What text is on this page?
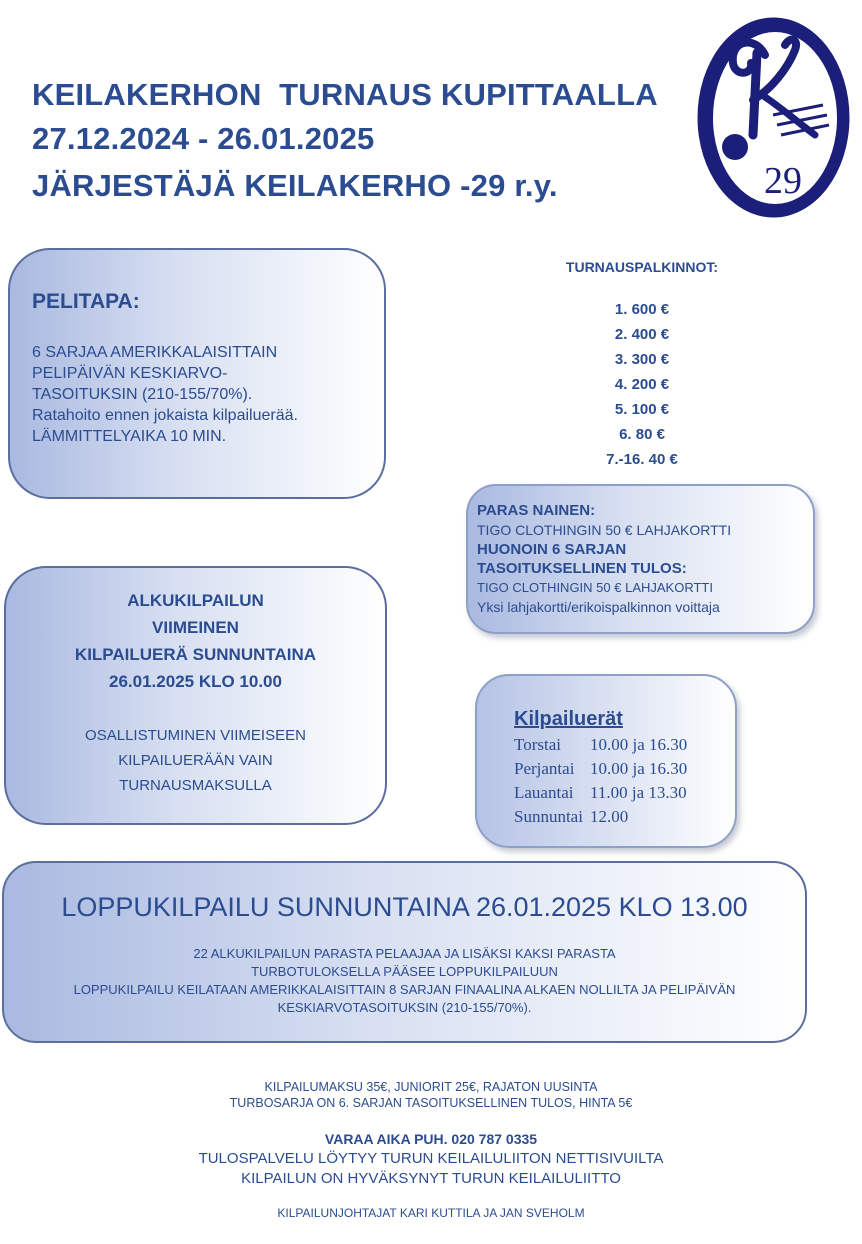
KEILAKERHON  TURNAUS KUPITTAALLA
27.12.2024 - 26.01.2025
JÄRJESTÄJÄ KEILAKERHO -29 r.y.	29
PELITAPA:
6 SARJAA AMERIKKALAISITTAIN
PELIPÄIVÄN KESKIARVO-
TASOITUKSIN (210-155/70%).
Ratahoito ennen jokaista kilpailuerää.
LÄMMITTELYAIKA 10 MIN.
TURNAUSPALKINNOT:
1. 600 €
2. 400 €
3. 300 €
4. 200 €
5. 100 €
6. 80 €
7.-16. 40 €
PARAS NAINEN:
TIGO CLOTHINGIN 50 € LAHJAKORTTI
HUONOIN 6 SARJAN
TASOITUKSELLINEN TULOS:
TIGO CLOTHINGIN 50 € LAHJAKORTTI
Yksi lahjakortti/erikoispalkinnon voittaja
ALKUKILPAILUN
VIIMEINEN
KILPAILUERÄ SUNNUNTAINA
26.01.2025 KLO 10.00
OSALLISTUMINEN VIIMEISEEN
KILPAILUERÄÄN VAIN
TURNAUSMAKSULLA
Kilpailuerät
Torstai 10.00 ja 16.30
Perjantai 10.00 ja 16.30
Lauantai 11.00 ja 13.30
Sunnuntai 12.00
LOPPUKILPAILU SUNNUNTAINA 26.01.2025 KLO 13.00
22 ALKUKILPAILUN PARASTA PELAAJAA JA LISÄKSI KAKSI PARASTA
TURBOTULOKSELLA PÄÄSEE LOPPUKILPAILUUN
LOPPUKILPAILU KEILATAAN AMERIKKALAISITTAIN 8 SARJAN FINAALINA ALKAEN NOLLILTA JA PELIPÄIVÄN
KESKIARVOTASOITUKSIN (210-155/70%).
KILPAILUMAKSU 35€, JUNIORIT 25€, RAJATON UUSINTA
TURBOSARJA ON 6. SARJAN TASOITUKSELLINEN TULOS, HINTA 5€
VARAA AIKA PUH. 020 787 0335
TULOSPALVELU LÖYTYY TURUN KEILAILULIITON NETTISIVUILTA
KILPAILUN ON HYVÄKSYNYT TURUN KEILAILULIITTO
KILPAILUNJOHTAJAT KARI KUTTILA JA JAN SVEHOLM
